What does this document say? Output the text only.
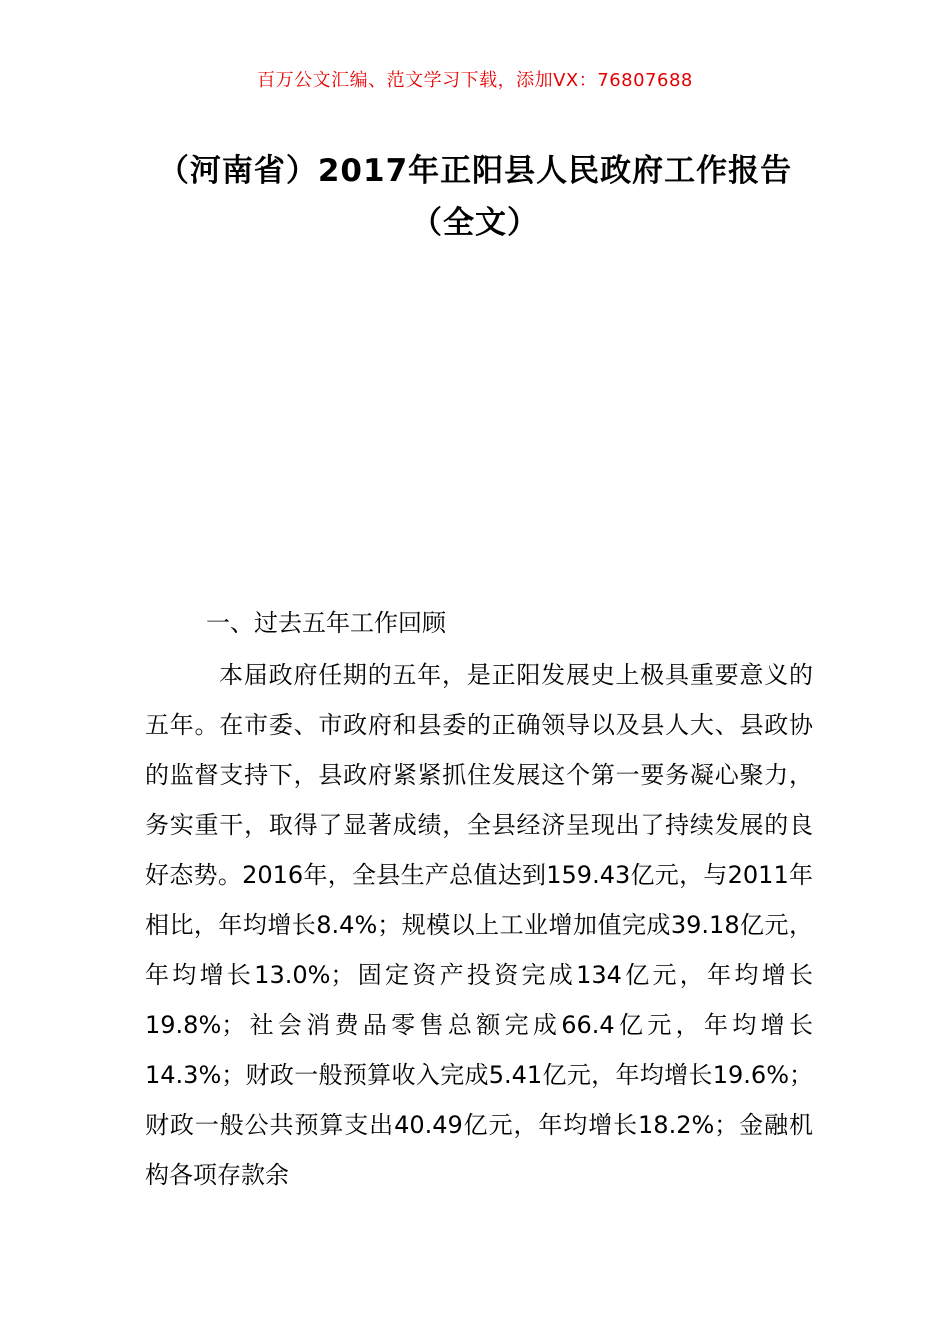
百万公文汇编、范文学习下载，添加VX：76807688
（河南省）2017年正阳县人民政府工作报告（全文）
一、过去五年工作回顾

本届政府任期的五年，是正阳发展史上极具重要意义的五年。在市委、市政府和县委的正确领导以及县人大、县政协的监督支持下，县政府紧紧抓住发展这个第一要务凝心聚力，务实重干，取得了显著成绩，全县经济呈现出了持续发展的良好态势。2016年，全县生产总值达到159.43亿元，与2011年相比，年均增长8.4%；规模以上工业增加值完成39.18亿元，年均增长13.0%；固定资产投资完成134亿元，年均增长19.8%；社会消费品零售总额完成66.4亿元，年均增长14.3%；财政一般预算收入完成5.41亿元，年均增长19.6%；财政一般公共预算支出40.49亿元，年均增长18.2%；金融机构各项存款余
